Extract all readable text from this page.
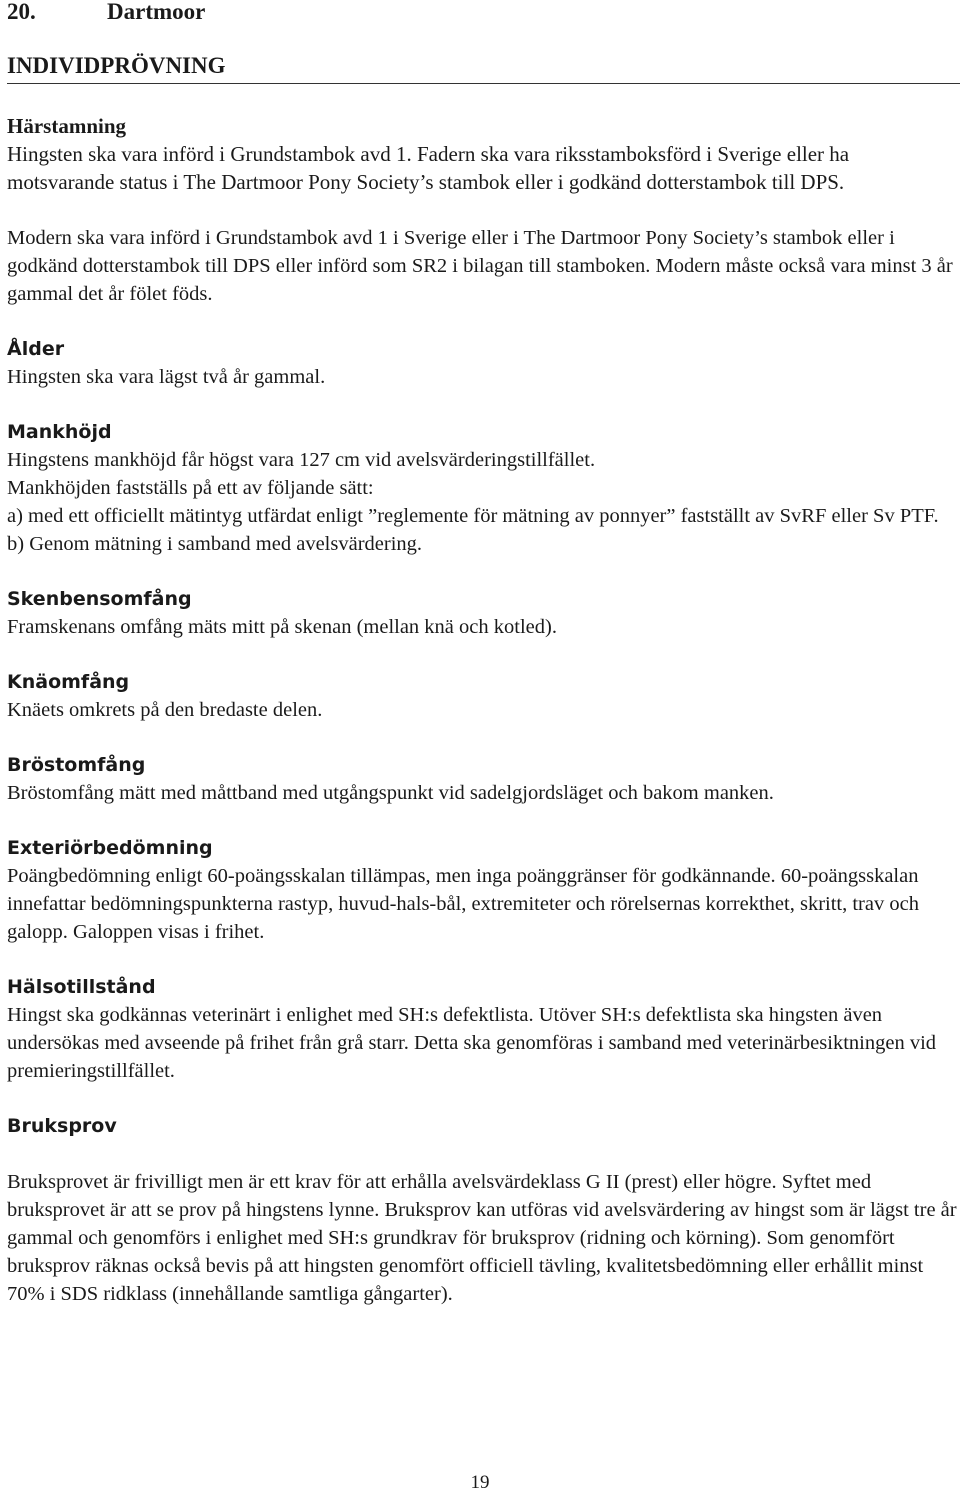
20.	Dartmoor
INDIVIDPRÖVNING
Härstamning

Hingsten ska vara införd i Grundstambok avd 1. Fadern ska vara riksstamboksförd i Sverige eller ha motsvarande status i The Dartmoor Pony Society’s stambok eller i godkänd dotterstambok till DPS.

Modern ska vara införd i Grundstambok avd 1 i Sverige eller i The Dartmoor Pony Society’s stambok eller i godkänd dotterstambok till DPS eller införd som SR2 i bilagan till stamboken. Modern måste också vara minst 3 år gammal det år fölet föds.

Ålder

Hingsten ska vara lägst två år gammal.

Mankhöjd

Hingstens mankhöjd får högst vara 127 cm vid avelsvärderingstillfället.

Mankhöjden fastställs på ett av följande sätt:

a) med ett officiellt mätintyg utfärdat enligt ”reglemente för mätning av ponnyer” fastställt av SvRF eller Sv PTF.

b) Genom mätning i samband med avelsvärdering.

Skenbensomfång

Framskenans omfång mäts mitt på skenan (mellan knä och kotled).

Knäomfång

Knäets omkrets på den bredaste delen.

Bröstomfång

Bröstomfång mätt med måttband med utgångspunkt vid sadelgjordsläget och bakom manken.

Exteriörbedömning

Poängbedömning enligt 60-poängsskalan tillämpas, men inga poänggränser för godkännande. 60-poängsskalan innefattar bedömningspunkterna rastyp, huvud-hals-bål, extremiteter och rörelsernas korrekthet, skritt, trav och galopp. Galoppen visas i frihet.

Hälsotillstånd

Hingst ska godkännas veterinärt i enlighet med SH:s defektlista. Utöver SH:s defektlista ska hingsten även undersökas med avseende på frihet från grå starr. Detta ska genomföras i samband med veterinärbesiktningen vid premieringstillfället.

Bruksprov

Bruksprovet är frivilligt men är ett krav för att erhålla avelsvärdeklass G II (prest) eller högre. Syftet med bruksprovet är att se prov på hingstens lynne. Bruksprov kan utföras vid avelsvärdering av hingst som är lägst tre år gammal och genomförs i enlighet med SH:s grundkrav för bruksprov (ridning och körning). Som genomfört bruksprov räknas också bevis på att hingsten genomfört officiell tävling, kvalitetsbedömning eller erhållit minst 70% i SDS ridklass (innehållande samtliga gångarter).

19
